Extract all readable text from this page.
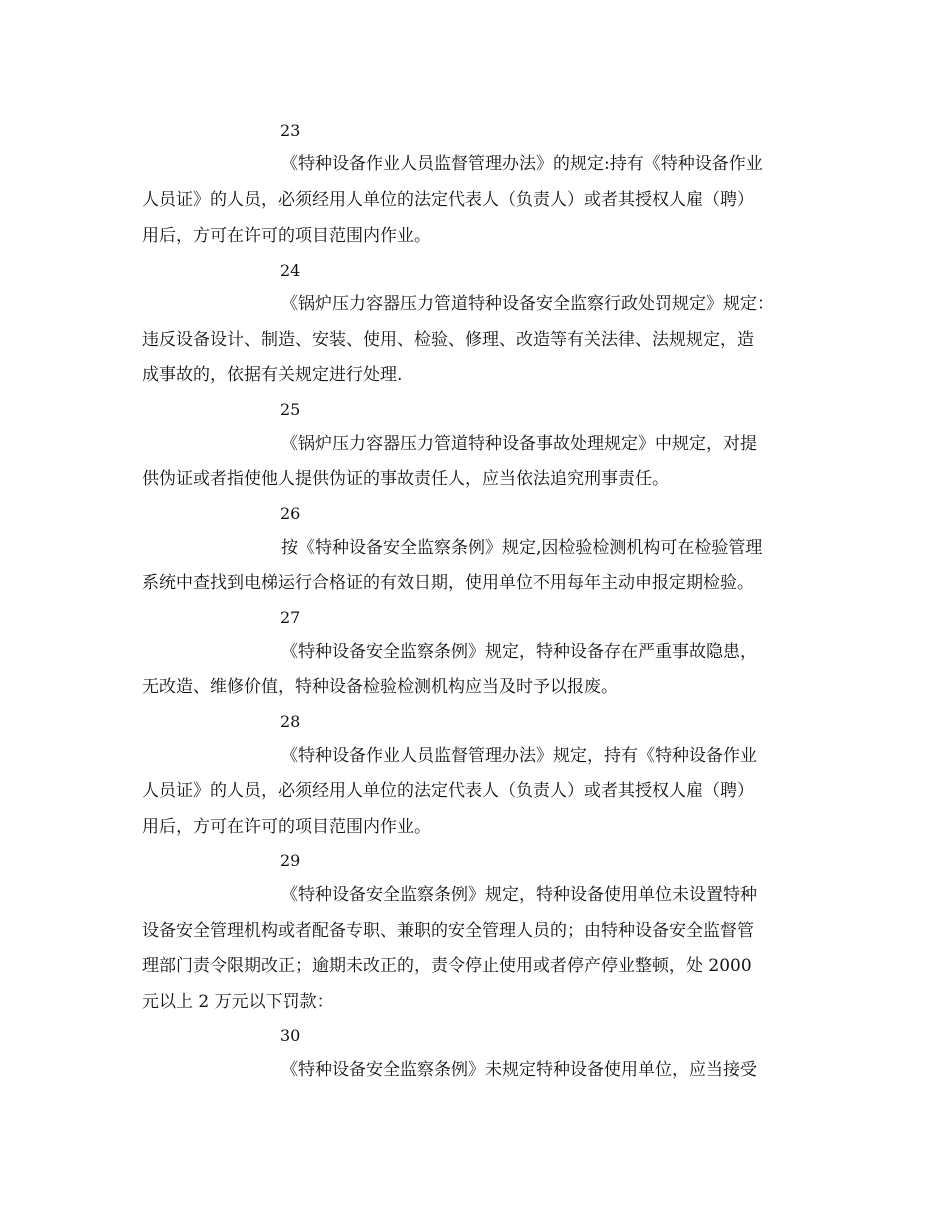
23
《特种设备作业人员监督管理办法》的规定:持有《特种设备作业
人员证》的人员，必须经用人单位的法定代表人（负责人）或者其授权人雇（聘）
用后，方可在许可的项目范围内作业。
24
《锅炉压力容器压力管道特种设备安全监察行政处罚规定》规定：
违反设备设计、制造、安装、使用、检验、修理、改造等有关法律、法规规定，造
成事故的，依据有关规定进行处理.
25
《锅炉压力容器压力管道特种设备事故处理规定》中规定，对提
供伪证或者指使他人提供伪证的事故责任人，应当依法追究刑事责任。
26
按《特种设备安全监察条例》规定,因检验检测机构可在检验管理
系统中查找到电梯运行合格证的有效日期，使用单位不用每年主动申报定期检验。
27
《特种设备安全监察条例》规定，特种设备存在严重事故隐患，
无改造、维修价值，特种设备检验检测机构应当及时予以报废。
28
《特种设备作业人员监督管理办法》规定，持有《特种设备作业
人员证》的人员，必须经用人单位的法定代表人（负责人）或者其授权人雇（聘）
用后，方可在许可的项目范围内作业。
29
《特种设备安全监察条例》规定，特种设备使用单位未设置特种
设备安全管理机构或者配备专职、兼职的安全管理人员的；由特种设备安全监督管
理部门责令限期改正；逾期未改正的，责令停止使用或者停产停业整顿，处 2000
元以上 2 万元以下罚款：
30
《特种设备安全监察条例》未规定特种设备使用单位，应当接受
